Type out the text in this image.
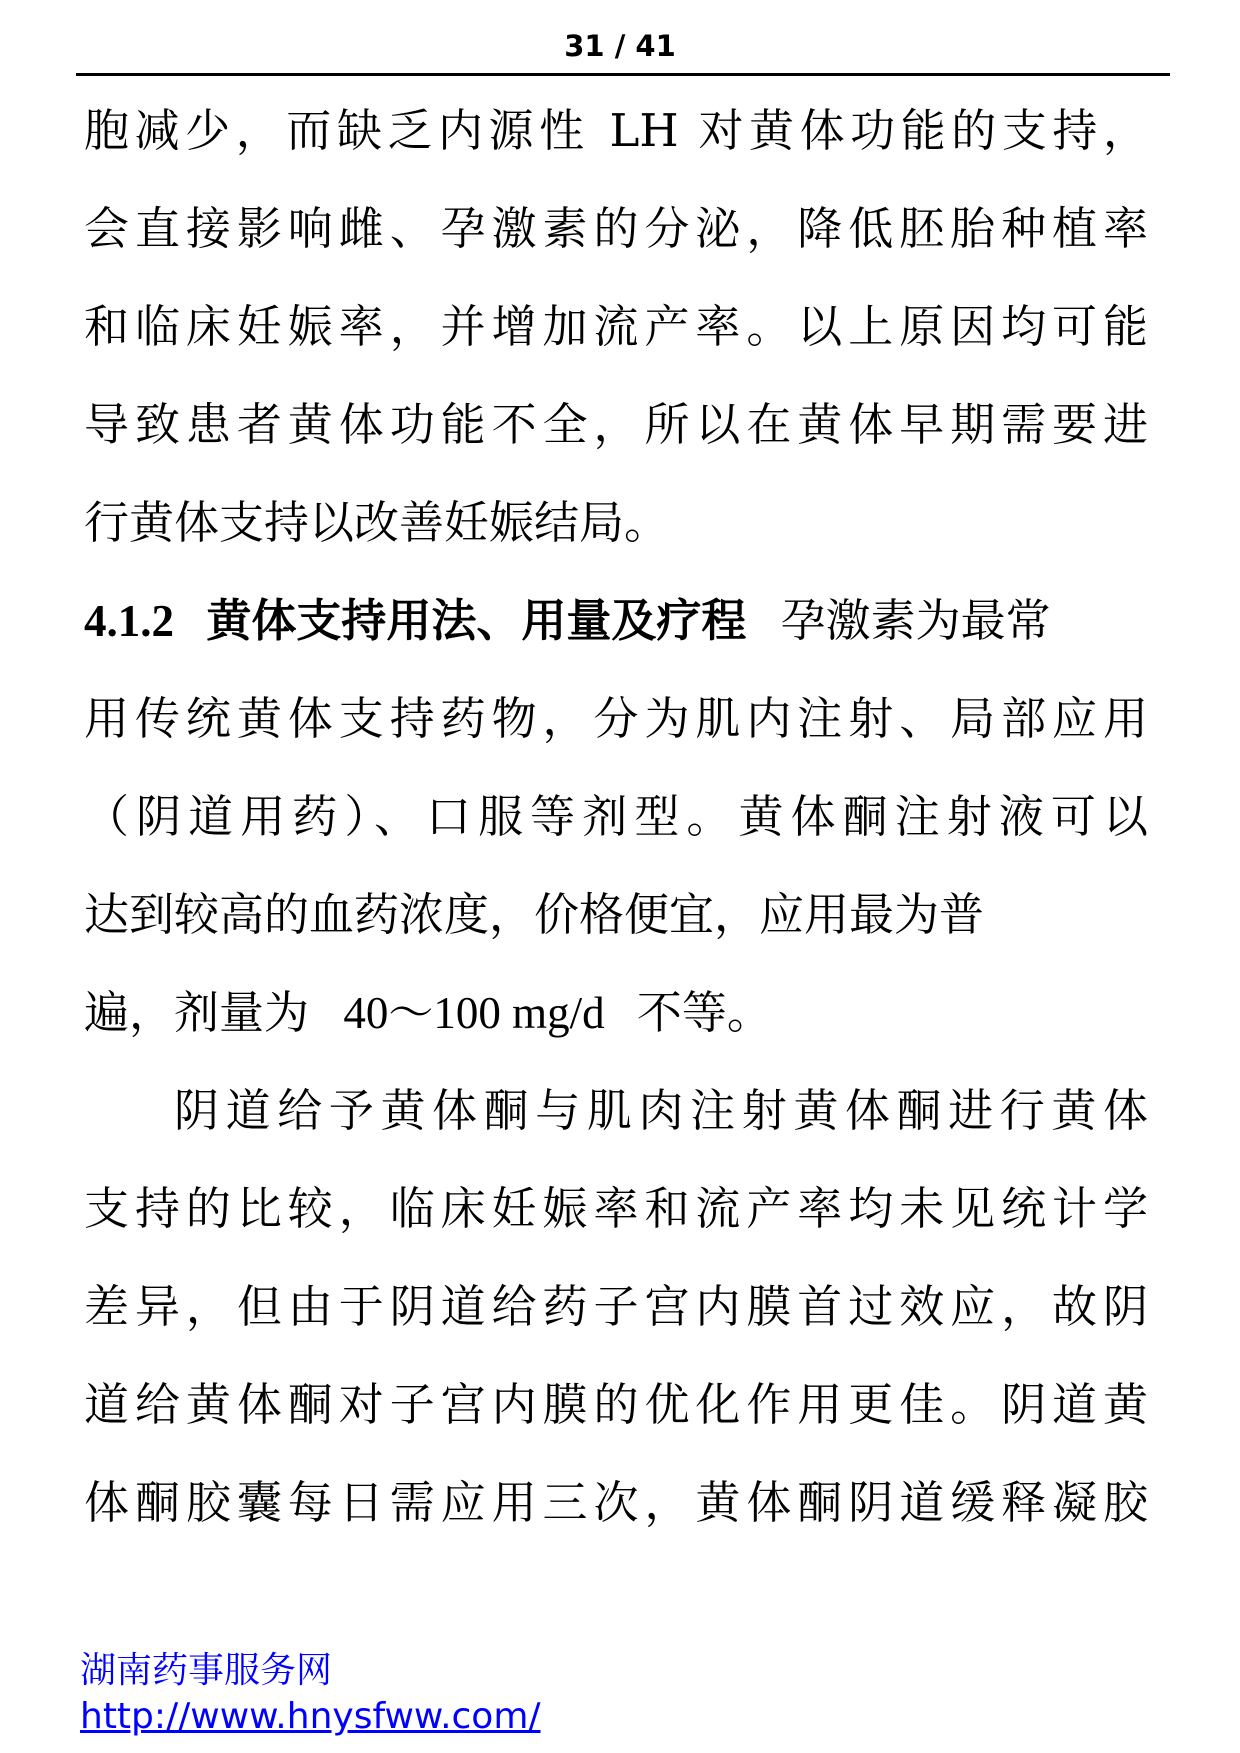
31 / 41
胞减少，而缺乏内源性 LH 对黄体功能的支持，
会直接影响雌、孕激素的分泌，降低胚胎种植率
和临床妊娠率，并增加流产率。以上原因均可能
导致患者黄体功能不全，所以在黄体早期需要进
行黄体支持以改善妊娠结局。
4.1.2 黄体支持用法、用量及疗程 孕激素为最常
用传统黄体支持药物，分为肌内注射、局部应用
（阴道用药）、口服等剂型。黄体酮注射液可以
达到较高的血药浓度，价格便宜，应用最为普
遍，剂量为 40～100 mg/d 不等。
阴道给予黄体酮与肌肉注射黄体酮进行黄体
支持的比较，临床妊娠率和流产率均未见统计学
差异，但由于阴道给药子宫内膜首过效应，故阴
道给黄体酮对子宫内膜的优化作用更佳。阴道黄
体酮胶囊每日需应用三次，黄体酮阴道缓释凝胶
湖南药事服务网
http://www.hnysfww.com/
